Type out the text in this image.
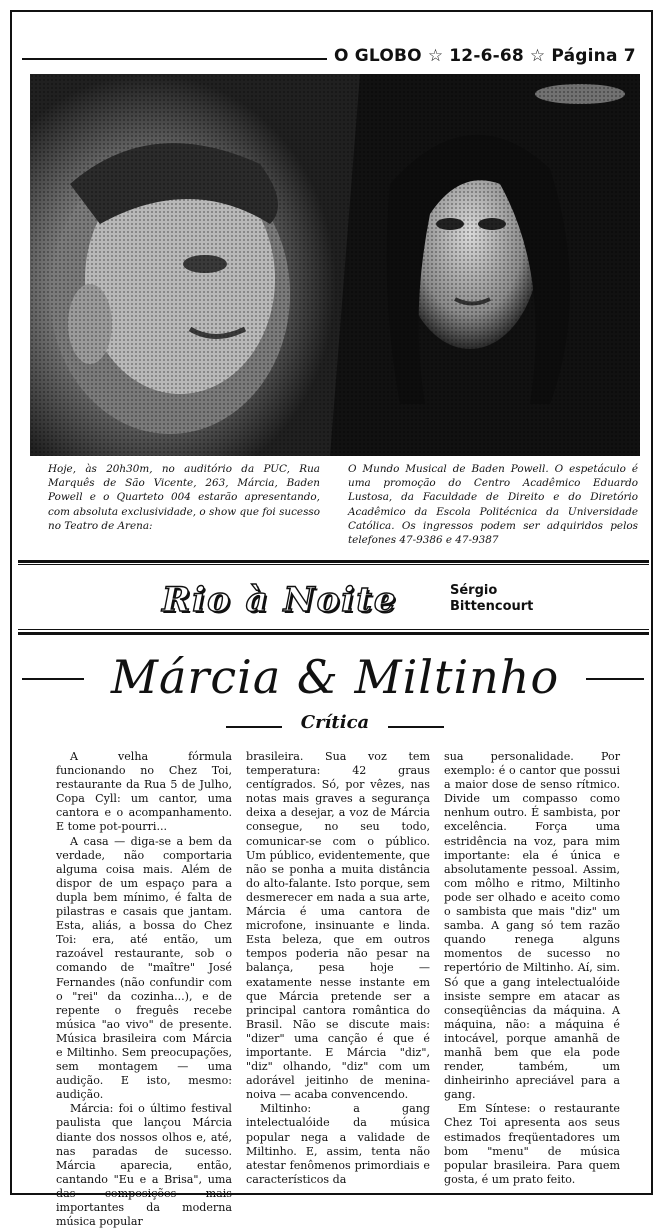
O GLOBO ☆ 12-6-68 ☆ Página 7
Hoje, às 20h30m, no auditório da PUC, Rua Marquês de São Vicente, 263, Márcia, Baden Powell e o Quarteto 004 estarão apresentando, com absoluta exclusividade, o show que foi sucesso no Teatro de Arena:
O Mundo Musical de Baden Powell. O espetáculo é uma promoção do Centro Acadêmico Eduardo Lustosa, da Faculdade de Direito e do Diretório Acadêmico da Escola Politécnica da Universidade Católica. Os ingressos podem ser adquiridos pelos telefones 47-9386 e 47-9387
Rio à Noite	Sérgio
Bittencourt
Márcia & Miltinho
Crítica

A velha fórmula funcionando no Chez Toi, restaurante da Rua 5 de Julho, Copa Cyll: um cantor, uma cantora e o acompanhamento. E tome pot-pourri...

A casa — diga-se a bem da verdade, não comportaria alguma coisa mais. Além de dispor de um espaço para a dupla bem mínimo, é falta de pilastras e casais que jantam. Esta, aliás, a bossa do Chez Toi: era, até então, um razoável restaurante, sob o comando de "maître" José Fernandes (não confundir com o "rei" da cozinha...), e de repente o freguês recebe música "ao vivo" de presente. Música brasileira com Márcia e Miltinho. Sem preocupações, sem montagem — uma audição. E isto, mesmo: audição.

Márcia: foi o último festival paulista que lançou Márcia diante dos nossos olhos e, até, nas paradas de sucesso. Márcia aparecia, então, cantando "Eu e a Brisa", uma das composições mais importantes da moderna música popular

brasileira. Sua voz tem temperatura: 42 graus centígrados. Só, por vêzes, nas notas mais graves a segurança deixa a desejar, a voz de Márcia consegue, no seu todo, comunicar-se com o público. Um público, evidentemente, que não se ponha a muita distância do alto-falante. Isto porque, sem desmerecer em nada a sua arte, Márcia é uma cantora de microfone, insinuante e linda. Esta beleza, que em outros tempos poderia não pesar na balança, pesa hoje — exatamente nesse instante em que Márcia pretende ser a principal cantora romântica do Brasil. Não se discute mais: "dizer" uma canção é que é importante. E Márcia "diz", "diz" olhando, "diz" com um adorável jeitinho de menina-noiva — acaba convencendo.

Miltinho: a gang intelectualóide da música popular nega a validade de Miltinho. E, assim, tenta não atestar fenômenos primordiais e característicos da

sua personalidade. Por exemplo: é o cantor que possui a maior dose de senso rítmico. Divide um compasso como nenhum outro. É sambista, por excelência. Força uma estridência na voz, para mim importante: ela é única e absolutamente pessoal. Assim, com môlho e ritmo, Miltinho pode ser olhado e aceito como o sambista que mais "diz" um samba. A gang só tem razão quando renega alguns momentos de sucesso no repertório de Miltinho. Aí, sim. Só que a gang intelectualóide insiste sempre em atacar as conseqüências da máquina. A máquina, não: a máquina é intocável, porque amanhã de manhã bem que ela pode render, também, um dinheirinho apreciável para a gang.

Em Síntese: o restaurante Chez Toi apresenta aos seus estimados freqüentadores um bom "menu" de música popular brasileira. Para quem gosta, é um prato feito.
